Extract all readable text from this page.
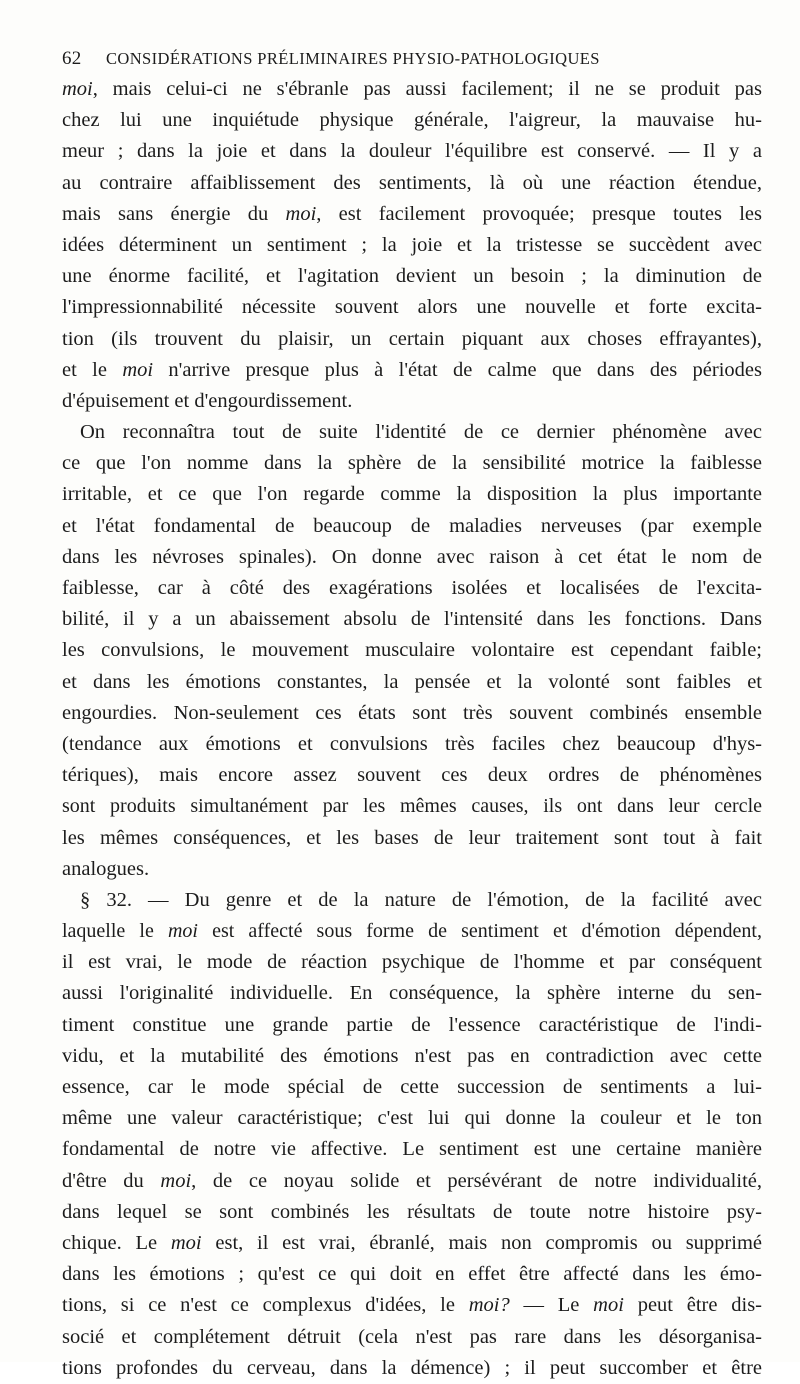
62 CONSIDÉRATIONS PRÉLIMINAIRES PHYSIO-PATHOLOGIQUES
moi, mais celui-ci ne s'ébranle pas aussi facilement; il ne se produit pas
chez lui une inquiétude physique générale, l'aigreur, la mauvaise hu-
meur ; dans la joie et dans la douleur l'équilibre est conservé. — Il y a
au contraire affaiblissement des sentiments, là où une réaction étendue,
mais sans énergie du moi, est facilement provoquée; presque toutes les
idées déterminent un sentiment ; la joie et la tristesse se succèdent avec
une énorme facilité, et l'agitation devient un besoin ; la diminution de
l'impressionnabilité nécessite souvent alors une nouvelle et forte excita-
tion (ils trouvent du plaisir, un certain piquant aux choses effrayantes),
et le moi n'arrive presque plus à l'état de calme que dans des périodes
d'épuisement et d'engourdissement.
On reconnaîtra tout de suite l'identité de ce dernier phénomène avec
ce que l'on nomme dans la sphère de la sensibilité motrice la faiblesse
irritable, et ce que l'on regarde comme la disposition la plus importante
et l'état fondamental de beaucoup de maladies nerveuses (par exemple
dans les névroses spinales). On donne avec raison à cet état le nom de
faiblesse, car à côté des exagérations isolées et localisées de l'excita-
bilité, il y a un abaissement absolu de l'intensité dans les fonctions. Dans
les convulsions, le mouvement musculaire volontaire est cependant faible;
et dans les émotions constantes, la pensée et la volonté sont faibles et
engourdies. Non-seulement ces états sont très souvent combinés ensemble
(tendance aux émotions et convulsions très faciles chez beaucoup d'hys-
tériques), mais encore assez souvent ces deux ordres de phénomènes
sont produits simultanément par les mêmes causes, ils ont dans leur cercle
les mêmes conséquences, et les bases de leur traitement sont tout à fait
analogues.
§ 32. — Du genre et de la nature de l'émotion, de la facilité avec
laquelle le moi est affecté sous forme de sentiment et d'émotion dépendent,
il est vrai, le mode de réaction psychique de l'homme et par conséquent
aussi l'originalité individuelle. En conséquence, la sphère interne du sen-
timent constitue une grande partie de l'essence caractéristique de l'indi-
vidu, et la mutabilité des émotions n'est pas en contradiction avec cette
essence, car le mode spécial de cette succession de sentiments a lui-
même une valeur caractéristique; c'est lui qui donne la couleur et le ton
fondamental de notre vie affective. Le sentiment est une certaine manière
d'être du moi, de ce noyau solide et persévérant de notre individualité,
dans lequel se sont combinés les résultats de toute notre histoire psy-
chique. Le moi est, il est vrai, ébranlé, mais non compromis ou supprimé
dans les émotions ; qu'est ce qui doit en effet être affecté dans les émo-
tions, si ce n'est ce complexus d'idées, le moi? — Le moi peut être dis-
socié et complétement détruit (cela n'est pas rare dans les désorganisa-
tions profondes du cerveau, dans la démence) ; il peut succomber et être
